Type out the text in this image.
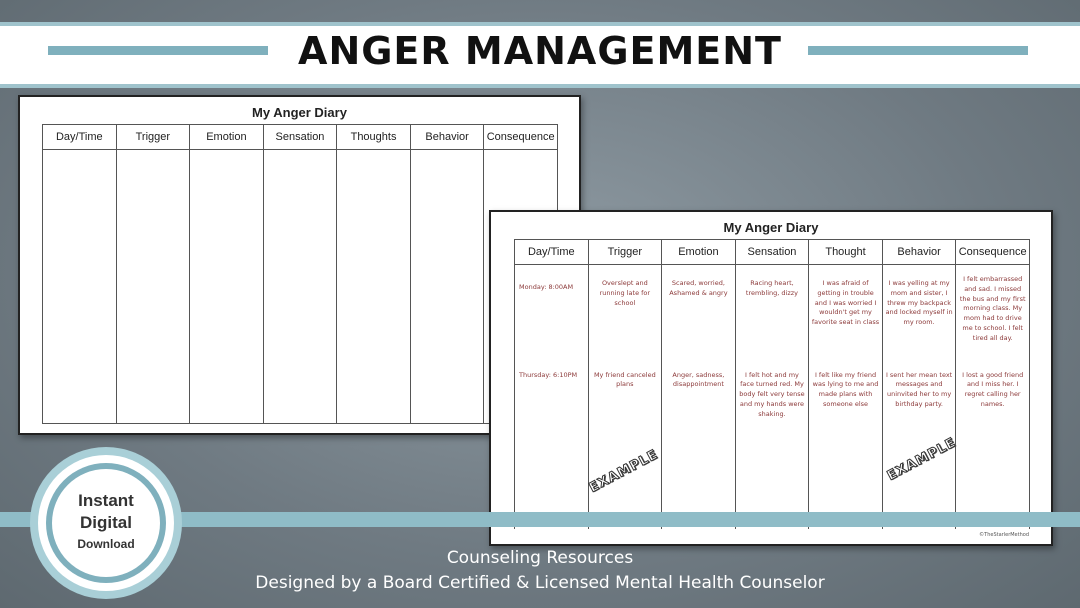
ANGER MANAGEMENT
My Anger Diary
Day/Time	Trigger	Emotion	Sensation	Thoughts	Behavior	Consequence

My Anger Diary
Day/Time	Trigger	Emotion	Sensation	Thought	Behavior	Consequence

Monday: 8:00AM	Overslept and running late for school	Scared, worried, Ashamed & angry	Racing heart, trembling, dizzy	I was afraid of getting in trouble and I was worried I wouldn't get my favorite seat in class	I was yelling at my mom and sister, I threw my backpack and locked myself in my room.	I felt embarrassed and sad. I missed the bus and my first morning class. My mom had to drive me to school. I felt tired all day.

Thursday: 6:10PM	My friend canceled plans	Anger, sadness, disappointment	I felt hot and my face turned red. My body felt very tense and my hands were shaking.	I felt like my friend was lying to me and made plans with someone else	I sent her mean text messages and uninvited her to my birthday party.	I lost a good friend and I miss her. I regret calling her names.
EXAMPLE	EXAMPLE
©TheStarlerMethod
Instant
Digital
Download
Counseling Resources
Designed by a Board Certified & Licensed Mental Health Counselor
